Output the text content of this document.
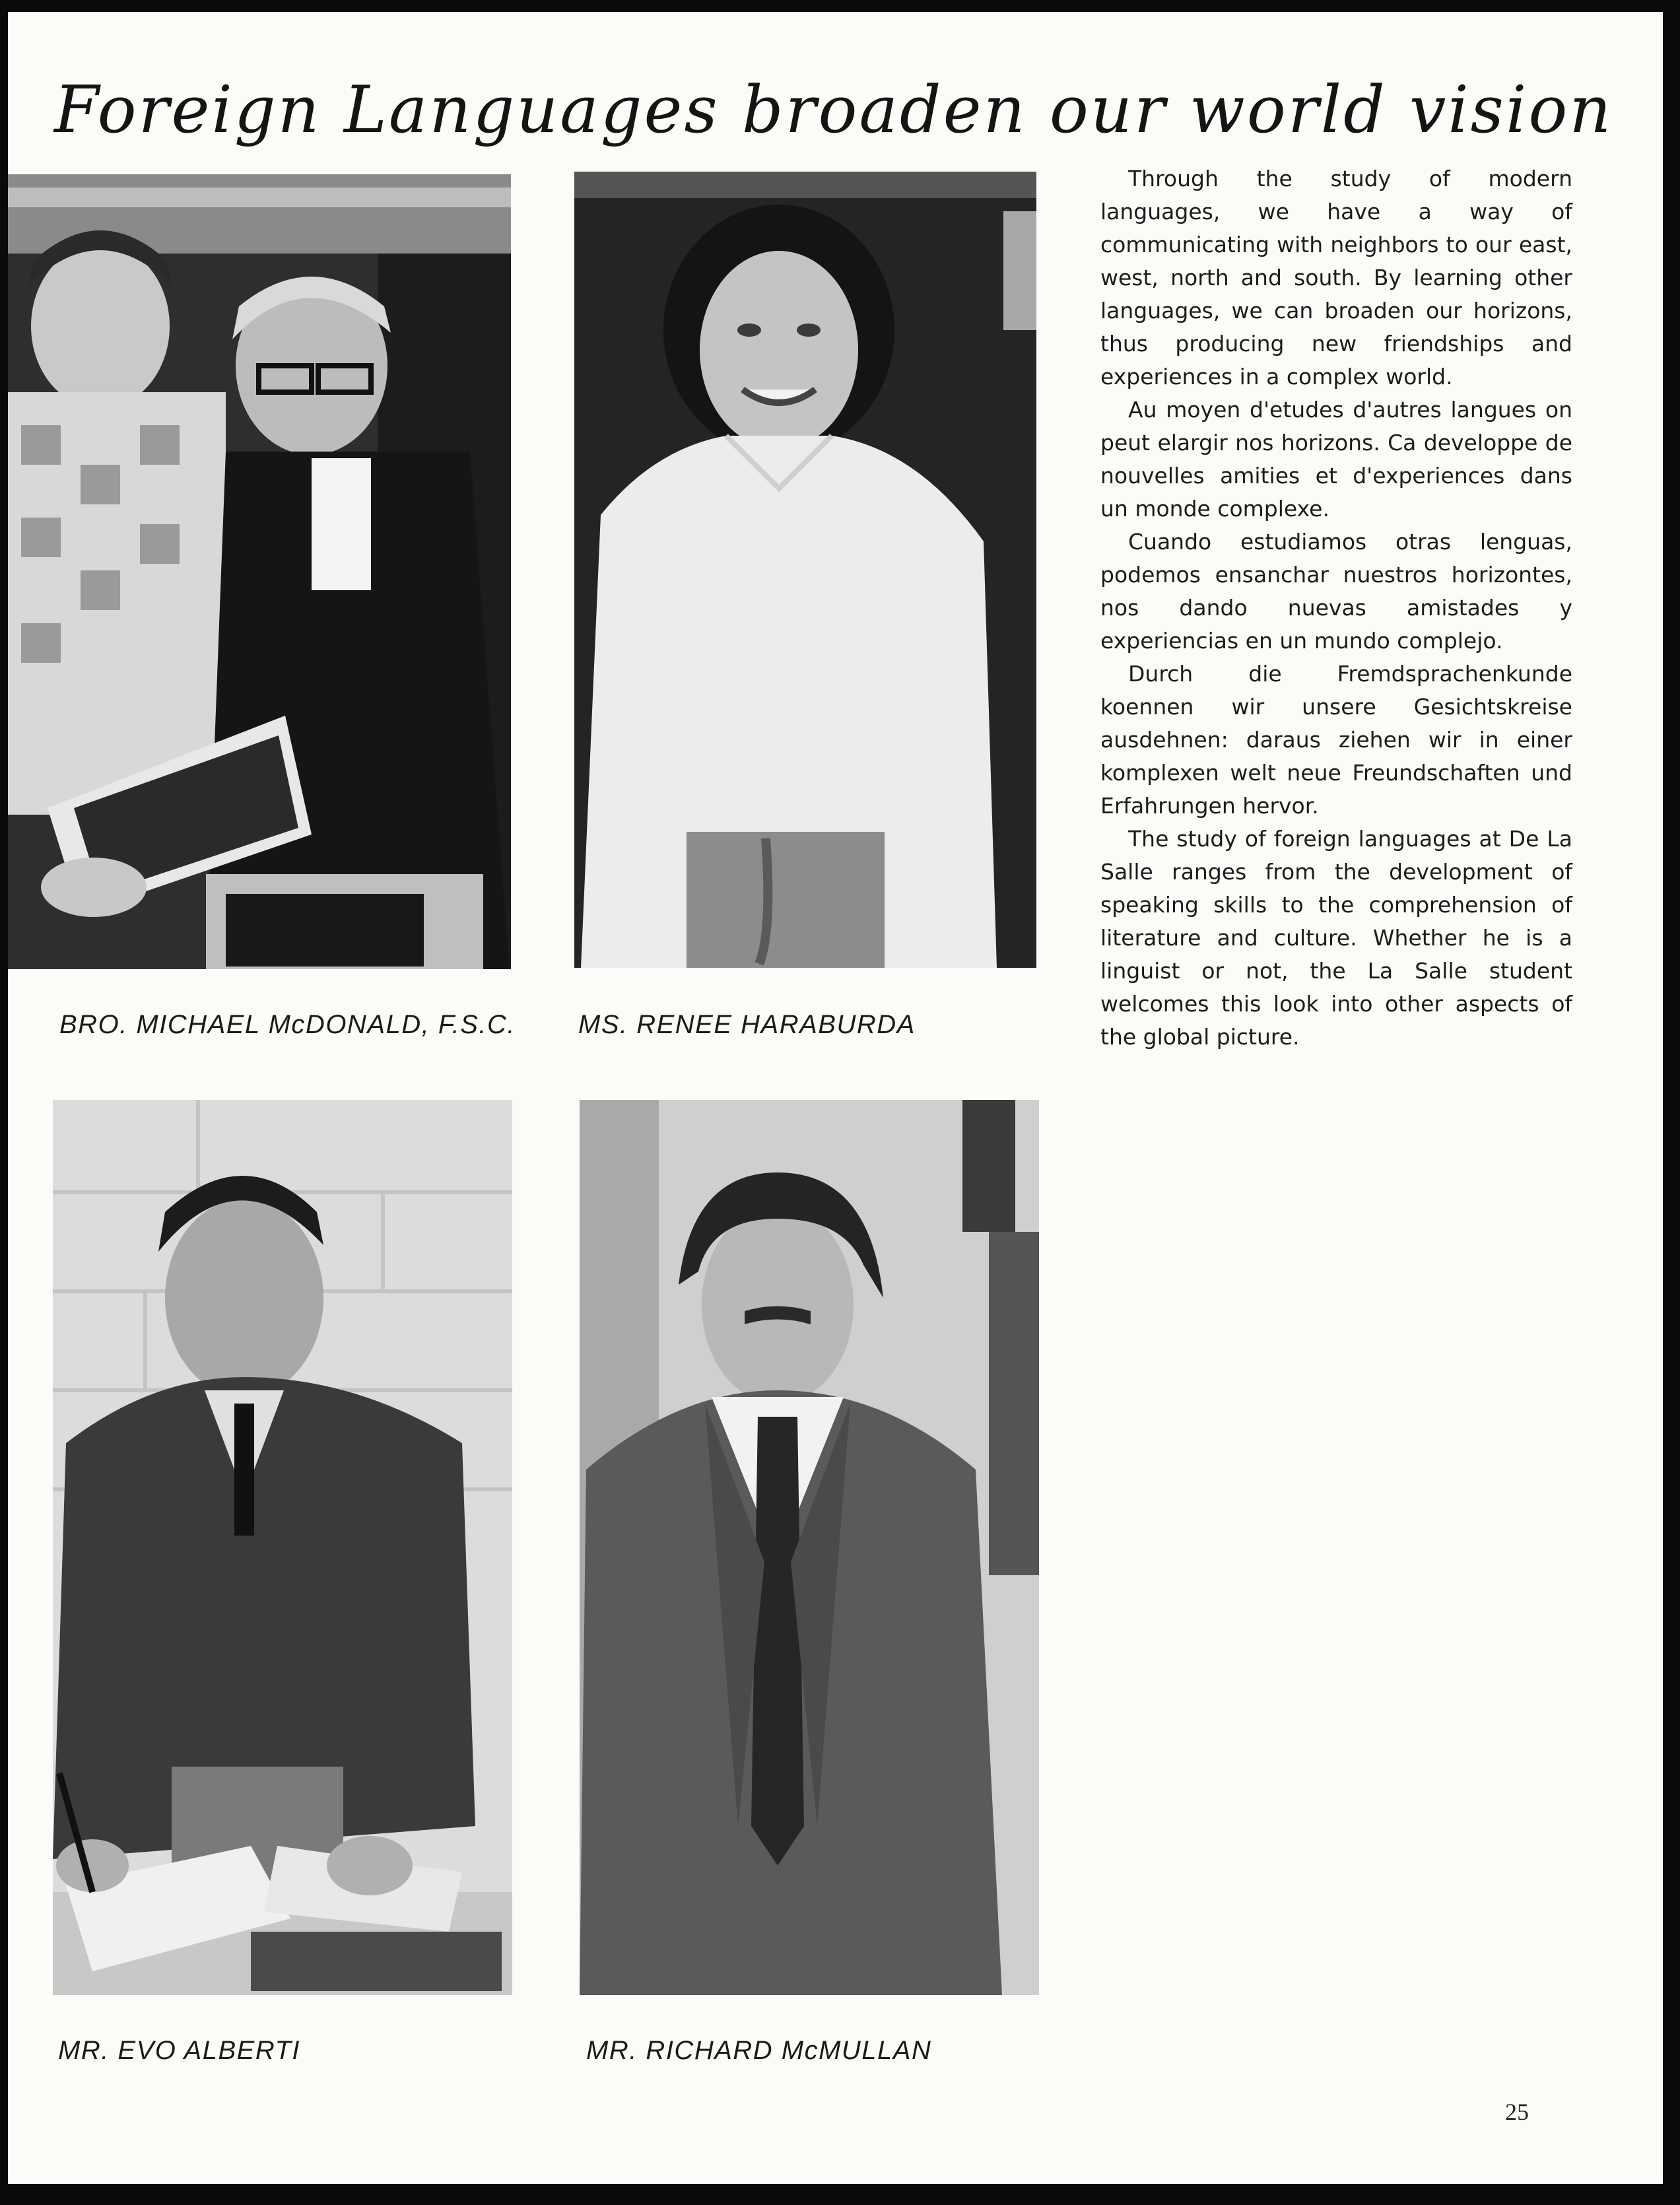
Foreign Languages broaden our world vision

BRO. MICHAEL McDONALD, F.S.C. MS. RENEE HARABURDA

MR. EVO ALBERTI	MR. RICHARD McMULLAN

Through the study of modern languages, we have a way of communicating with neighbors to our east, west, north and south. By learning other languages, we can broaden our horizons, thus producing new friendships and experiences in a complex world.

Au moyen d'etudes d'autres langues on peut elargir nos horizons. Ca developpe de nouvelles amities et d'experiences dans un monde complexe.

Cuando estudiamos otras lenguas, podemos ensanchar nuestros horizontes, nos dando nuevas amistades y experiencias en un mundo complejo.

Durch die Fremdsprachenkunde koennen wir unsere Gesichtskreise ausdehnen: daraus ziehen wir in einer komplexen welt neue Freundschaften und Erfahrungen hervor.

The study of foreign languages at De La Salle ranges from the development of speaking skills to the comprehension of literature and culture. Whether he is a linguist or not, the La Salle student welcomes this look into other aspects of the global picture.

25
